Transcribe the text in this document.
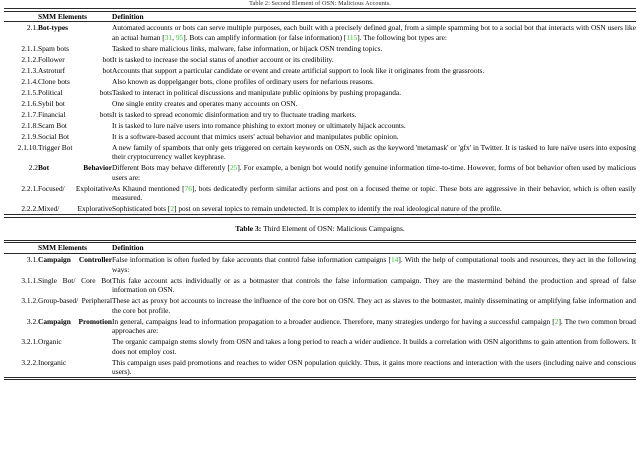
Table 2: Second Element of OSN: Malicious Accounts.
	SMM Elements	Definition
2.1.	Bot-types	Automated accounts or bots can serve multiple purposes, each built with a precisely defined goal, from a simple spamming bot to a social bot that interacts with OSN users like an actual human [31, 95]. Bots can amplify information (or false information) [115]. The following bot types are:
2.1.1.	Spam bots	Tasked to share malicious links, malware, false information, or hijack OSN trending topics.
2.1.2.	Follower bot	It is tasked to increase the social status of another account or its credibility.
2.1.3.	Astroturf bot	Accounts that support a particular candidate or event and create artificial support to look like it originates from the grassroots.
2.1.4.	Clone bots	Also known as doppelganger bots, clone profiles of ordinary users for nefarious reasons.
2.1.5.	Political bots	Tasked to interact in political discussions and manipulate public opinions by pushing propaganda.
2.1.6.	Sybil bot	One single entity creates and operates many accounts on OSN.
2.1.7.	Financial bots	It is tasked to spread economic disinformation and try to fluctuate trading markets.
2.1.8.	Scam Bot	It is tasked to lure naïve users into romance phishing to extort money or ultimately hijack accounts.
2.1.9.	Social Bot	It is a software-based account that mimics users' actual behavior and manipulates public opinion.
2.1.10.	Trigger Bot	A new family of spambots that only gets triggered on certain keywords on OSN, such as the keyword 'metamask' or 'gfx' in Twitter. It is tasked to lure naïve users into exposing their cryptocurrency wallet keyphrase.
2.2	Bot Behavior	Different Bots may behave differently [25]. For example, a benign bot would notify genuine information time-to-time. However, forms of bot behavior often used by malicious users are:
2.2.1.	Focused/ Exploitative	As Khaund mentioned [76], bots dedicatedly perform similar actions and post on a focused theme or topic. These bots are aggressive in their behavior, which is often easily measured.
2.2.2.	Mixed/ Explorative	Sophisticated bots [2] post on several topics to remain undetected. It is complex to identify the real ideological nature of the profile.
Table 3: Third Element of OSN: Malicious Campaigns.
	SMM Elements	Definition
3.1.	Campaign Controller	False information is often fueled by fake accounts that control false information campaigns [14]. With the help of computational tools and resources, they act in the following ways:
3.1.1.	Single Bot/ Core Bot	This fake account acts individually or as a botmaster that controls the false information campaign. They are the mastermind behind the production and spread of false information on OSN.
3.1.2.	Group-based/ Peripheral	These act as proxy bot accounts to increase the influence of the core bot on OSN. They act as slaves to the botmaster, mainly disseminating or amplifying false information and the core bot profile.
3.2.	Campaign Promotion	In general, campaigns lead to information propagation to a broader audience. Therefore, many strategies undergo for having a successful campaign [2]. The two common broad approaches are:
3.2.1.	Organic	The organic campaign stems slowly from OSN and takes a long period to reach a wider audience. It builds a correlation with OSN algorithms to gain attention from followers. It does not employ cost.
3.2.2.	Inorganic	This campaign uses paid promotions and reaches to wider OSN population quickly. Thus, it gains more reactions and interaction with the users (including naive and conscious users).
